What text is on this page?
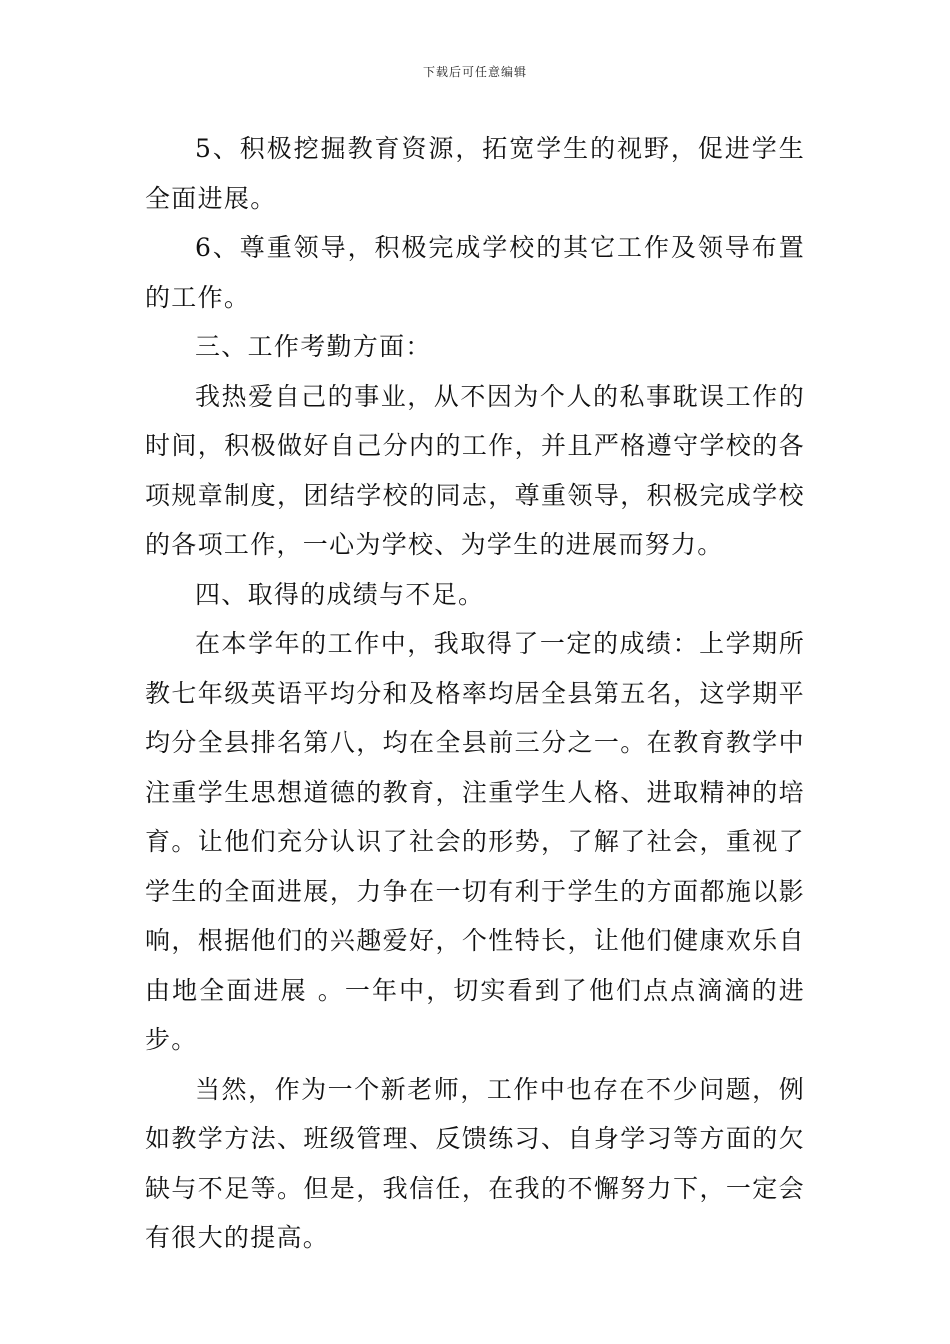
下载后可任意编辑

5、积极挖掘教育资源，拓宽学生的视野，促进学生全面进展。

6、尊重领导，积极完成学校的其它工作及领导布置的工作。

三、工作考勤方面：

我热爱自己的事业，从不因为个人的私事耽误工作的时间，积极做好自己分内的工作，并且严格遵守学校的各项规章制度，团结学校的同志，尊重领导，积极完成学校的各项工作，一心为学校、为学生的进展而努力。

四、取得的成绩与不足。

在本学年的工作中，我取得了一定的成绩：上学期所教七年级英语平均分和及格率均居全县第五名，这学期平均分全县排名第八，均在全县前三分之一。在教育教学中注重学生思想道德的教育，注重学生人格、进取精神的培育。让他们充分认识了社会的形势，了解了社会，重视了学生的全面进展，力争在一切有利于学生的方面都施以影响，根据他们的兴趣爱好，个性特长，让他们健康欢乐自由地全面进展 。一年中，切实看到了他们点点滴滴的进步。

当然，作为一个新老师，工作中也存在不少问题，例如教学方法、班级管理、反馈练习、自身学习等方面的欠缺与不足等。但是，我信任，在我的不懈努力下，一定会有很大的提高。
